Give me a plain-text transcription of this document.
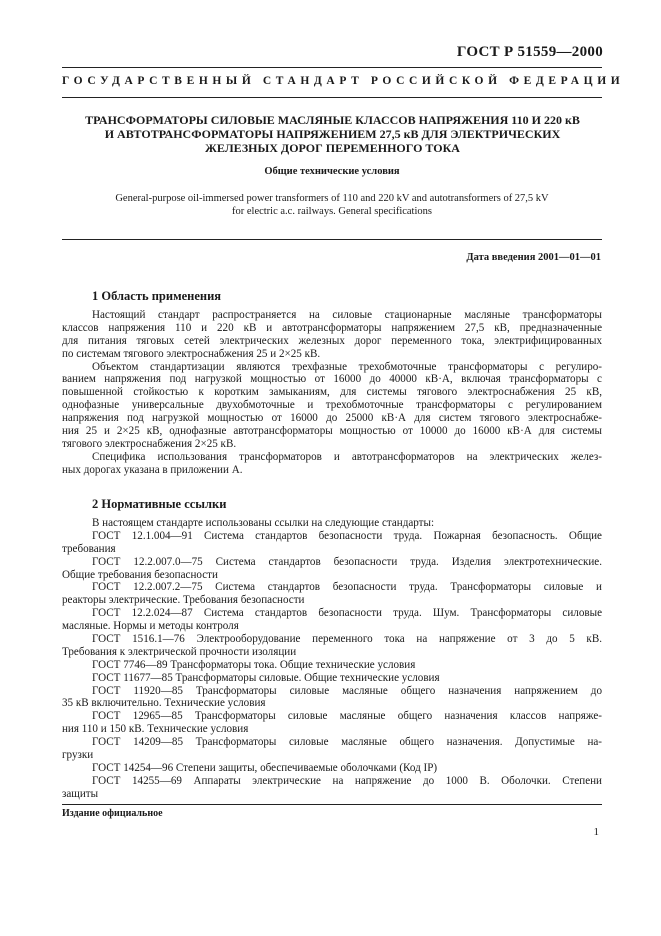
ГОСТ Р 51559—2000
ГОСУДАРСТВЕННЫЙ СТАНДАРТ РОССИЙСКОЙ ФЕДЕРАЦИИ
ТРАНСФОРМАТОРЫ СИЛОВЫЕ МАСЛЯНЫЕ КЛАССОВ НАПРЯЖЕНИЯ 110 И 220 кВ
И АВТОТРАНСФОРМАТОРЫ НАПРЯЖЕНИЕМ 27,5 кВ ДЛЯ ЭЛЕКТРИЧЕСКИХ
ЖЕЛЕЗНЫХ ДОРОГ ПЕРЕМЕННОГО ТОКА
Общие технические условия
General-purpose oil-immersed power transformers of 110 and 220 kV and autotransformers of 27,5 kV
for electric a.c. railways. General specifications
Дата введения 2001—01—01
1 Область применения
Настоящий стандарт распространяется на силовые стационарные масляные трансформаторы
классов напряжения 110 и 220 кВ и автотрансформаторы напряжением 27,5 кВ, предназначенные
для питания тяговых сетей электрических железных дорог переменного тока, электрифицированных
по системам тягового электроснабжения 25 и 2×25 кВ.
Объектом стандартизации являются трехфазные трехобмоточные трансформаторы с регулиро-
ванием напряжения под нагрузкой мощностью от 16000 до 40000 кВ·А, включая трансформаторы с
повышенной стойкостью к коротким замыканиям, для системы тягового электроснабжения 25 кВ,
однофазные универсальные двухобмоточные и трехобмоточные трансформаторы с регулированием
напряжения под нагрузкой мощностью от 16000 до 25000 кВ·А для систем тягового электроснабже-
ния 25 и 2×25 кВ, однофазные автотрансформаторы мощностью от 10000 до 16000 кВ·А для системы
тягового электроснабжения 2×25 кВ.
Специфика использования трансформаторов и автотрансформаторов на электрических желез-
ных дорогах указана в приложении А.
2 Нормативные ссылки
В настоящем стандарте использованы ссылки на следующие стандарты:
ГОСТ 12.1.004—91 Система стандартов безопасности труда. Пожарная безопасность. Общие
требования
ГОСТ 12.2.007.0—75 Система стандартов безопасности труда. Изделия электротехнические.
Общие требования безопасности
ГОСТ 12.2.007.2—75 Система стандартов безопасности труда. Трансформаторы силовые и
реакторы электрические. Требования безопасности
ГОСТ 12.2.024—87 Система стандартов безопасности труда. Шум. Трансформаторы силовые
масляные. Нормы и методы контроля
ГОСТ 1516.1—76 Электрооборудование переменного тока на напряжение от 3 до 5 кВ.
Требования к электрической прочности изоляции
ГОСТ 7746—89 Трансформаторы тока. Общие технические условия
ГОСТ 11677—85 Трансформаторы силовые. Общие технические условия
ГОСТ 11920—85 Трансформаторы силовые масляные общего назначения напряжением до
35 кВ включительно. Технические условия
ГОСТ 12965—85 Трансформаторы силовые масляные общего назначения классов напряже-
ния 110 и 150 кВ. Технические условия
ГОСТ 14209—85 Трансформаторы силовые масляные общего назначения. Допустимые на-
грузки
ГОСТ 14254—96 Степени защиты, обеспечиваемые оболочками (Код IP)
ГОСТ 14255—69 Аппараты электрические на напряжение до 1000 В. Оболочки. Степени
защиты
Издание официальное
1
